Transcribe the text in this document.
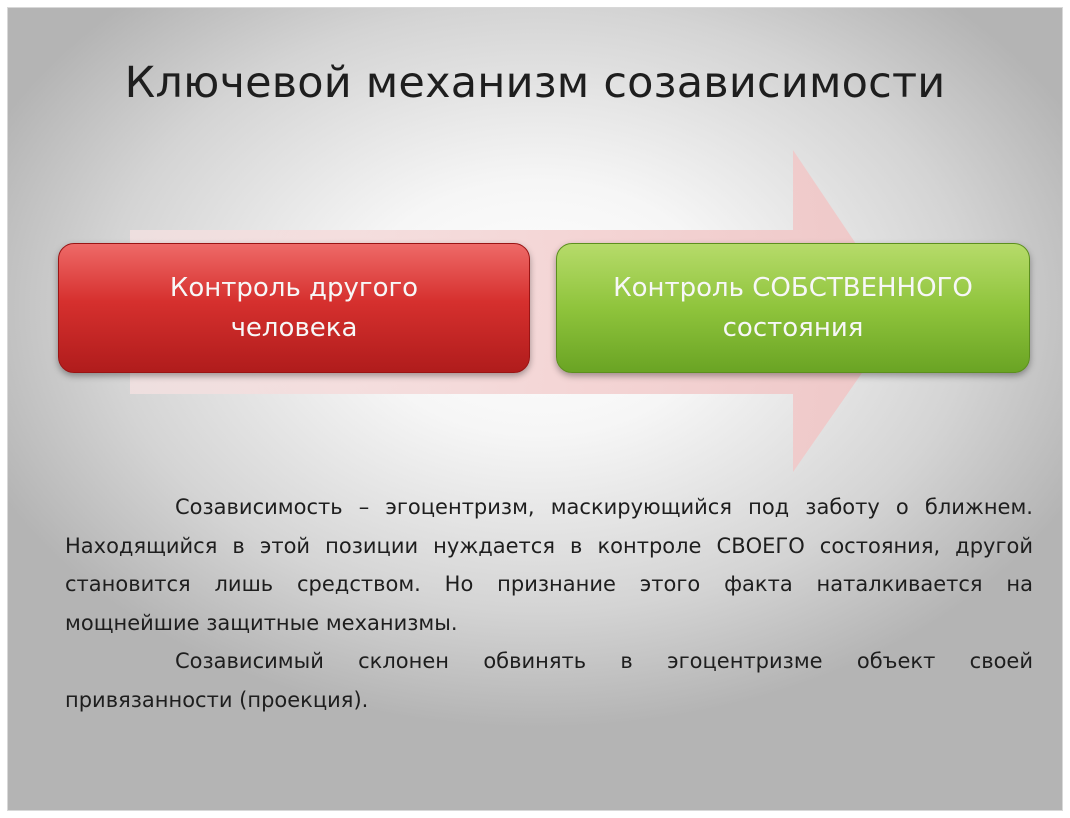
Ключевой механизм созависимости
Контроль другого
человека
Контроль СОБСТВЕННОГО
состояния

Созависимость – эгоцентризм, маскирующийся под заботу о ближнем. Находящийся в этой позиции нуждается в контроле СВОЕГО состояния, другой становится лишь средством. Но признание этого факта наталкивается на мощнейшие защитные механизмы.

Созависимый склонен обвинять в эгоцентризме объект своей привязанности (проекция).
